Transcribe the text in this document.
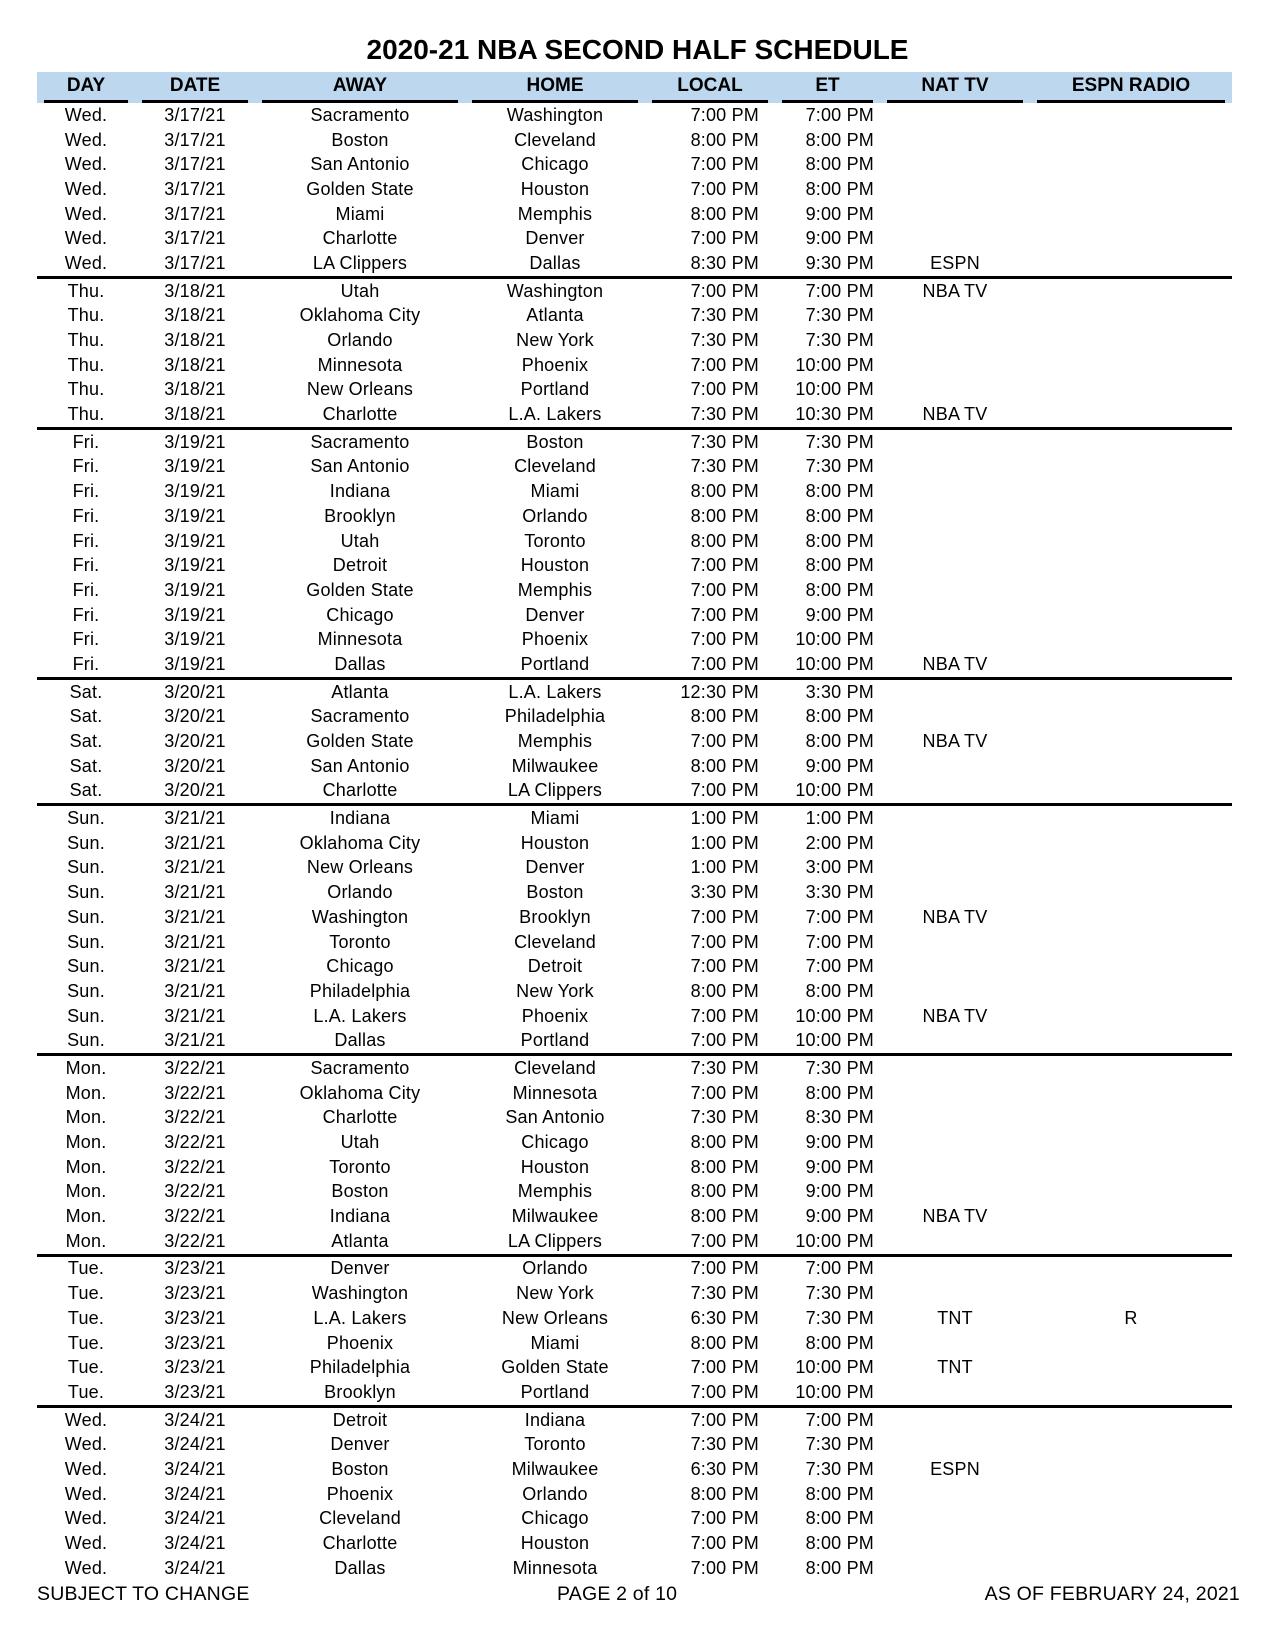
2020-21 NBA SECOND HALF SCHEDULE
DAY	DATE	AWAY	HOME	LOCAL	ET	NAT TV	ESPN RADIO

Wed.	3/17/21	Sacramento	Washington	7:00 PM	7:00 PM		
Wed.	3/17/21	Boston	Cleveland	8:00 PM	8:00 PM		
Wed.	3/17/21	San Antonio	Chicago	7:00 PM	8:00 PM		
Wed.	3/17/21	Golden State	Houston	7:00 PM	8:00 PM		
Wed.	3/17/21	Miami	Memphis	8:00 PM	9:00 PM		
Wed.	3/17/21	Charlotte	Denver	7:00 PM	9:00 PM		
Wed.	3/17/21	LA Clippers	Dallas	8:30 PM	9:30 PM	ESPN	
Thu.	3/18/21	Utah	Washington	7:00 PM	7:00 PM	NBA TV	
Thu.	3/18/21	Oklahoma City	Atlanta	7:30 PM	7:30 PM		
Thu.	3/18/21	Orlando	New York	7:30 PM	7:30 PM		
Thu.	3/18/21	Minnesota	Phoenix	7:00 PM	10:00 PM		
Thu.	3/18/21	New Orleans	Portland	7:00 PM	10:00 PM		
Thu.	3/18/21	Charlotte	L.A. Lakers	7:30 PM	10:30 PM	NBA TV	
Fri.	3/19/21	Sacramento	Boston	7:30 PM	7:30 PM		
Fri.	3/19/21	San Antonio	Cleveland	7:30 PM	7:30 PM		
Fri.	3/19/21	Indiana	Miami	8:00 PM	8:00 PM		
Fri.	3/19/21	Brooklyn	Orlando	8:00 PM	8:00 PM		
Fri.	3/19/21	Utah	Toronto	8:00 PM	8:00 PM		
Fri.	3/19/21	Detroit	Houston	7:00 PM	8:00 PM		
Fri.	3/19/21	Golden State	Memphis	7:00 PM	8:00 PM		
Fri.	3/19/21	Chicago	Denver	7:00 PM	9:00 PM		
Fri.	3/19/21	Minnesota	Phoenix	7:00 PM	10:00 PM		
Fri.	3/19/21	Dallas	Portland	7:00 PM	10:00 PM	NBA TV	
Sat.	3/20/21	Atlanta	L.A. Lakers	12:30 PM	3:30 PM		
Sat.	3/20/21	Sacramento	Philadelphia	8:00 PM	8:00 PM		
Sat.	3/20/21	Golden State	Memphis	7:00 PM	8:00 PM	NBA TV	
Sat.	3/20/21	San Antonio	Milwaukee	8:00 PM	9:00 PM		
Sat.	3/20/21	Charlotte	LA Clippers	7:00 PM	10:00 PM		
Sun.	3/21/21	Indiana	Miami	1:00 PM	1:00 PM		
Sun.	3/21/21	Oklahoma City	Houston	1:00 PM	2:00 PM		
Sun.	3/21/21	New Orleans	Denver	1:00 PM	3:00 PM		
Sun.	3/21/21	Orlando	Boston	3:30 PM	3:30 PM		
Sun.	3/21/21	Washington	Brooklyn	7:00 PM	7:00 PM	NBA TV	
Sun.	3/21/21	Toronto	Cleveland	7:00 PM	7:00 PM		
Sun.	3/21/21	Chicago	Detroit	7:00 PM	7:00 PM		
Sun.	3/21/21	Philadelphia	New York	8:00 PM	8:00 PM		
Sun.	3/21/21	L.A. Lakers	Phoenix	7:00 PM	10:00 PM	NBA TV	
Sun.	3/21/21	Dallas	Portland	7:00 PM	10:00 PM		
Mon.	3/22/21	Sacramento	Cleveland	7:30 PM	7:30 PM		
Mon.	3/22/21	Oklahoma City	Minnesota	7:00 PM	8:00 PM		
Mon.	3/22/21	Charlotte	San Antonio	7:30 PM	8:30 PM		
Mon.	3/22/21	Utah	Chicago	8:00 PM	9:00 PM		
Mon.	3/22/21	Toronto	Houston	8:00 PM	9:00 PM		
Mon.	3/22/21	Boston	Memphis	8:00 PM	9:00 PM		
Mon.	3/22/21	Indiana	Milwaukee	8:00 PM	9:00 PM	NBA TV	
Mon.	3/22/21	Atlanta	LA Clippers	7:00 PM	10:00 PM		
Tue.	3/23/21	Denver	Orlando	7:00 PM	7:00 PM		
Tue.	3/23/21	Washington	New York	7:30 PM	7:30 PM		
Tue.	3/23/21	L.A. Lakers	New Orleans	6:30 PM	7:30 PM	TNT	R
Tue.	3/23/21	Phoenix	Miami	8:00 PM	8:00 PM		
Tue.	3/23/21	Philadelphia	Golden State	7:00 PM	10:00 PM	TNT	
Tue.	3/23/21	Brooklyn	Portland	7:00 PM	10:00 PM		
Wed.	3/24/21	Detroit	Indiana	7:00 PM	7:00 PM		
Wed.	3/24/21	Denver	Toronto	7:30 PM	7:30 PM		
Wed.	3/24/21	Boston	Milwaukee	6:30 PM	7:30 PM	ESPN	
Wed.	3/24/21	Phoenix	Orlando	8:00 PM	8:00 PM		
Wed.	3/24/21	Cleveland	Chicago	7:00 PM	8:00 PM		
Wed.	3/24/21	Charlotte	Houston	7:00 PM	8:00 PM		
Wed.	3/24/21	Dallas	Minnesota	7:00 PM	8:00 PM		
SUBJECT TO CHANGE	PAGE 2 of 10	AS OF FEBRUARY 24, 2021
